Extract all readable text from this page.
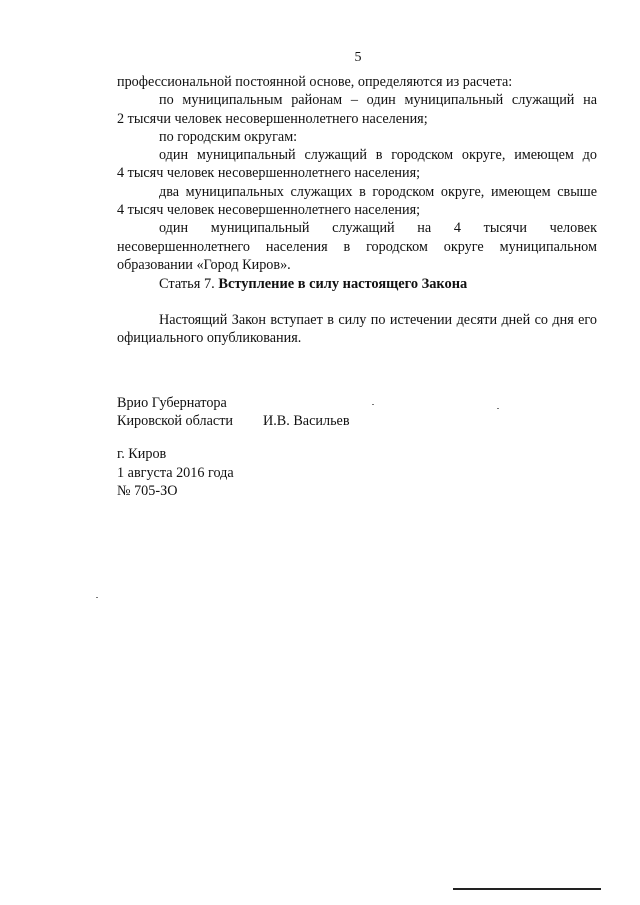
5
профессиональной постоянной основе, определяются из расчета:
по муниципальным районам – один муниципальный служащий на
2 тысячи человек несовершеннолетнего населения;
по городским округам:
один муниципальный служащий в городском округе, имеющем до
4 тысяч человек несовершеннолетнего населения;
два муниципальных служащих в городском округе, имеющем свыше
4 тысяч человек несовершеннолетнего населения;
один муниципальный служащий на 4 тысячи человек
несовершеннолетнего населения в городском округе муниципальном
образовании «Город Киров».
Статья 7. Вступление в силу настоящего Закона
Настоящий Закон вступает в силу по истечении десяти дней со дня его
официального опубликования.
Врио Губернатора
Кировской области И.В. Васильев
г. Киров
1 августа 2016 года
№ 705-ЗО
